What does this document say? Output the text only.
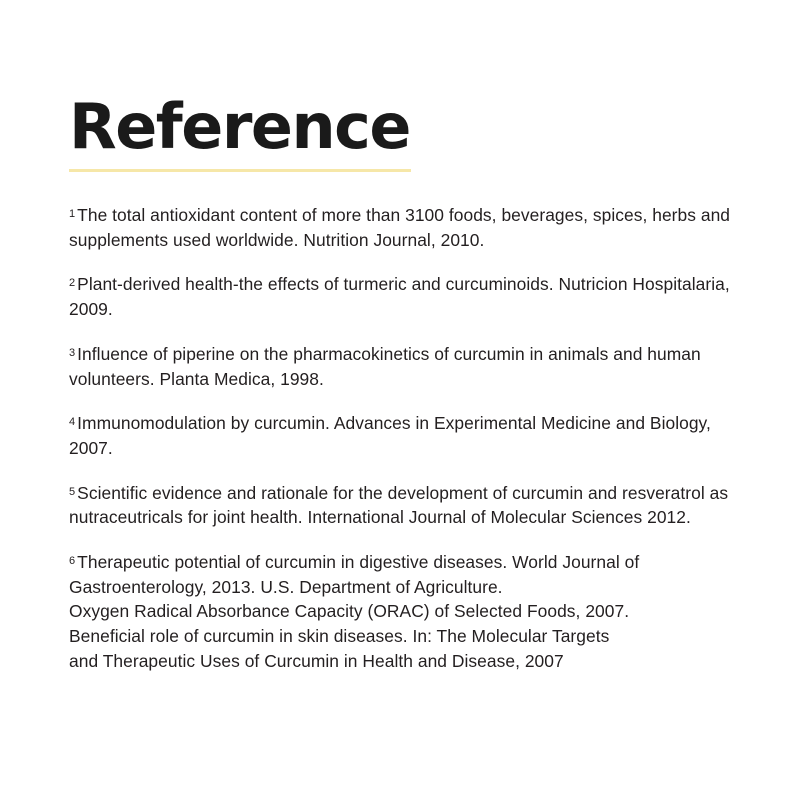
Reference

$^1$ The total antioxidant content of more than 3100 foods, beverages, spices, herbs and supplements used worldwide. Nutrition Journal, 2010.

$^2$ Plant-derived health-the effects of turmeric and curcuminoids. Nutricion Hospitalaria, 2009.

$^3$ Influence of piperine on the pharmacokinetics of curcumin in animals and human volunteers. Planta Medica, 1998.

$^4$ Immunomodulation by curcumin. Advances in Experimental Medicine and Biology, 2007.

$^5$ Scientific evidence and rationale for the development of curcumin and resveratrol as nutraceutricals for joint health. International Journal of Molecular Sciences 2012.

$^6$ Therapeutic potential of curcumin in digestive diseases. World Journal of Gastroenterology, 2013. U.S. Department of Agriculture.
Oxygen Radical Absorbance Capacity (ORAC) of Selected Foods, 2007.
Beneficial role of curcumin in skin diseases. In: The Molecular Targets
and Therapeutic Uses of Curcumin in Health and Disease, 2007
